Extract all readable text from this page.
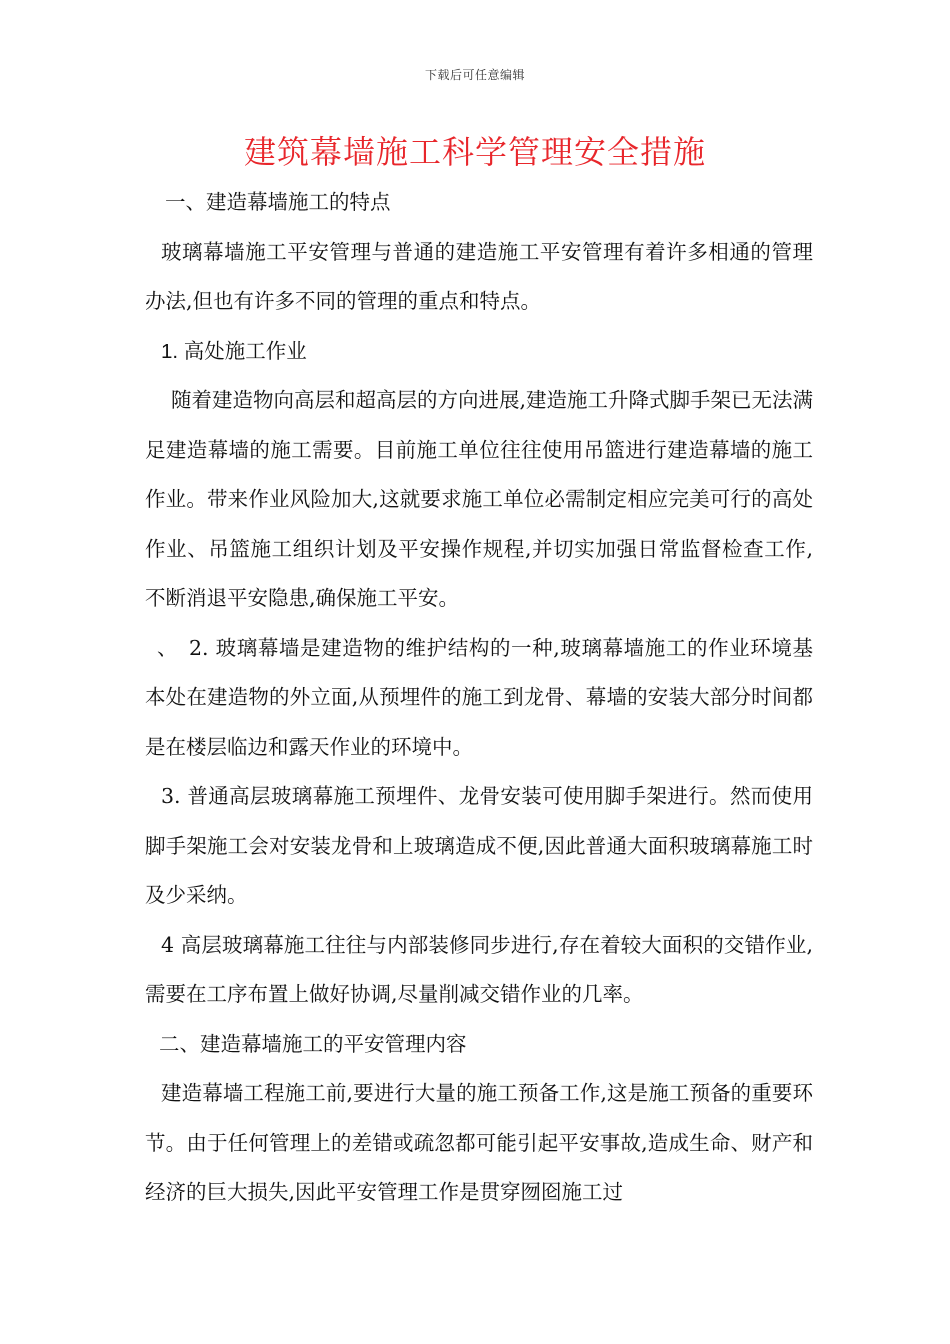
下载后可任意编辑
建筑幕墙施工科学管理安全措施

一、建造幕墙施工的特点

玻璃幕墙施工平安管理与普通的建造施工平安管理有着许多相通的管理办法,但也有许多不同的管理的重点和特点。

1. 高处施工作业

随着建造物向高层和超高层的方向进展,建造施工升降式脚手架已无法满足建造幕墙的施工需要。目前施工单位往往使用吊篮进行建造幕墙的施工作业。带来作业风险加大,这就要求施工单位必需制定相应完美可行的高处作业、吊篮施工组织计划及平安操作规程,并切实加强日常监督检查工作,不断消退平安隐患,确保施工平安。

、　2. 玻璃幕墙是建造物的维护结构的一种,玻璃幕墙施工的作业环境基本处在建造物的外立面,从预埋件的施工到龙骨、幕墙的安装大部分时间都是在楼层临边和露天作业的环境中。

3. 普通高层玻璃幕施工预埋件、龙骨安装可使用脚手架进行。然而使用脚手架施工会对安装龙骨和上玻璃造成不便,因此普通大面积玻璃幕施工时及少采纳。

4 高层玻璃幕施工往往与内部装修同步进行,存在着较大面积的交错作业,需要在工序布置上做好协调,尽量削减交错作业的几率。

二、建造幕墙施工的平安管理内容

建造幕墙工程施工前,要进行大量的施工预备工作,这是施工预备的重要环节。由于任何管理上的差错或疏忽都可能引起平安事故,造成生命、财产和经济的巨大损失,因此平安管理工作是贯穿囫囵施工过
